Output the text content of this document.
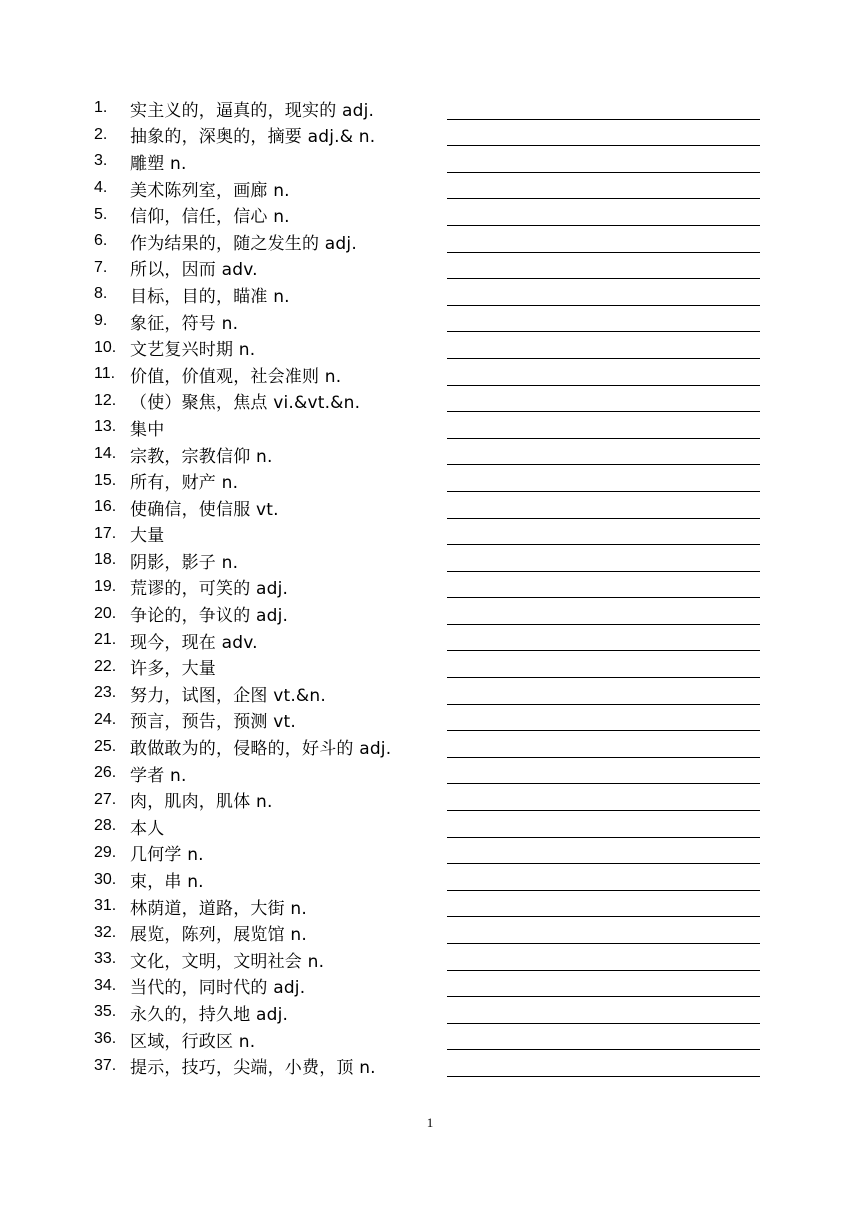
1.	实主义的，逼真的，现实的 adj.
2.	抽象的，深奥的，摘要 adj.& n.
3.	雕塑 n.
4.	美术陈列室，画廊 n.
5.	信仰，信任，信心 n.
6.	作为结果的，随之发生的 adj.
7.	所以，因而 adv.
8.	目标，目的，瞄准 n.
9.	象征，符号 n.
10. 文艺复兴时期 n.
11. 价值，价值观，社会准则 n.
12. （使）聚焦，焦点 vi.&vt.&n.
13. 集中
14. 宗教，宗教信仰 n.
15. 所有，财产 n.
16. 使确信，使信服 vt.
17. 大量
18. 阴影，影子 n.
19. 荒谬的，可笑的 adj.
20. 争论的，争议的 adj.
21. 现今，现在 adv.
22. 许多，大量
23. 努力，试图，企图 vt.&n.
24. 预言，预告，预测 vt.
25. 敢做敢为的，侵略的，好斗的 adj.
26. 学者 n.
27. 肉，肌肉，肌体 n.
28. 本人
29. 几何学 n.
30. 束，串 n.
31. 林荫道，道路，大街 n.
32. 展览，陈列，展览馆 n.
33. 文化，文明，文明社会 n.
34. 当代的，同时代的 adj.
35. 永久的，持久地 adj.
36. 区域，行政区 n.
37. 提示，技巧，尖端，小费，顶 n.
1
